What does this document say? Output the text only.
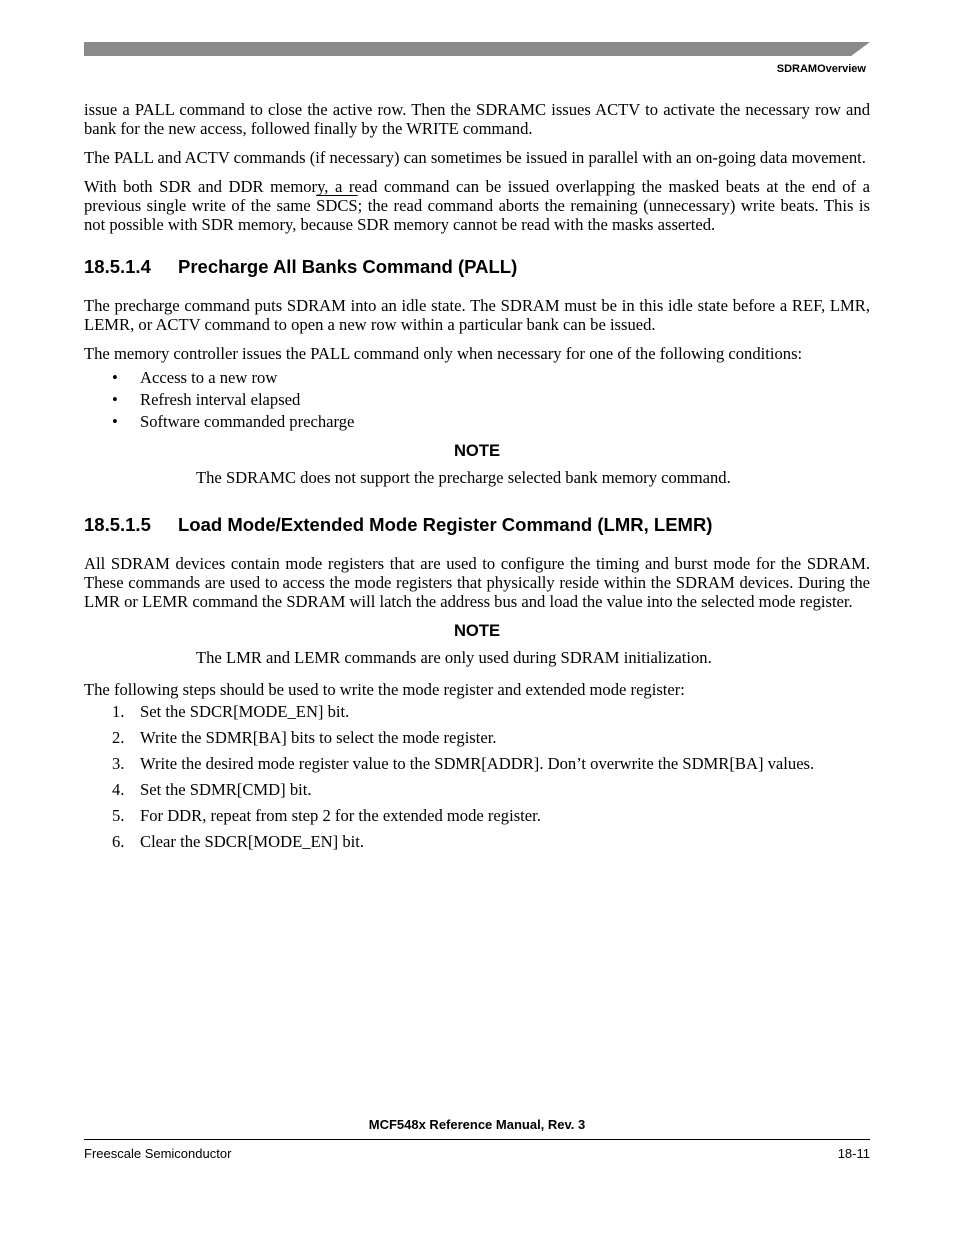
SDRAMOverview

issue a PALL command to close the active row. Then the SDRAMC issues ACTV to activate the necessary row and bank for the new access, followed finally by the WRITE command.

The PALL and ACTV commands (if necessary) can sometimes be issued in parallel with an on-going data movement.

With both SDR and DDR memory, a read command can be issued overlapping the masked beats at the end of a previous single write of the same SDCS; the read command aborts the remaining (unnecessary) write beats. This is not possible with SDR memory, because SDR memory cannot be read with the masks asserted.

18.5.1.4 Precharge All Banks Command (PALL)

The precharge command puts SDRAM into an idle state. The SDRAM must be in this idle state before a REF, LMR, LEMR, or ACTV command to open a new row within a particular bank can be issued.

The memory controller issues the PALL command only when necessary for one of the following conditions:

• Access to a new row
• Refresh interval elapsed
• Software commanded precharge
NOTE
The SDRAMC does not support the precharge selected bank memory command.
18.5.1.5 Load Mode/Extended Mode Register Command (LMR, LEMR)

All SDRAM devices contain mode registers that are used to configure the timing and burst mode for the SDRAM. These commands are used to access the mode registers that physically reside within the SDRAM devices. During the LMR or LEMR command the SDRAM will latch the address bus and load the value into the selected mode register.

NOTE
The LMR and LEMR commands are only used during SDRAM initialization.

The following steps should be used to write the mode register and extended mode register:

1. Set the SDCR[MODE_EN] bit.
2. Write the SDMR[BA] bits to select the mode register.
3. Write the desired mode register value to the SDMR[ADDR]. Don’t overwrite the SDMR[BA] values.
4. Set the SDMR[CMD] bit.
5. For DDR, repeat from step 2 for the extended mode register.
6. Clear the SDCR[MODE_EN] bit.
MCF548x Reference Manual, Rev. 3
Freescale Semiconductor	18-11
